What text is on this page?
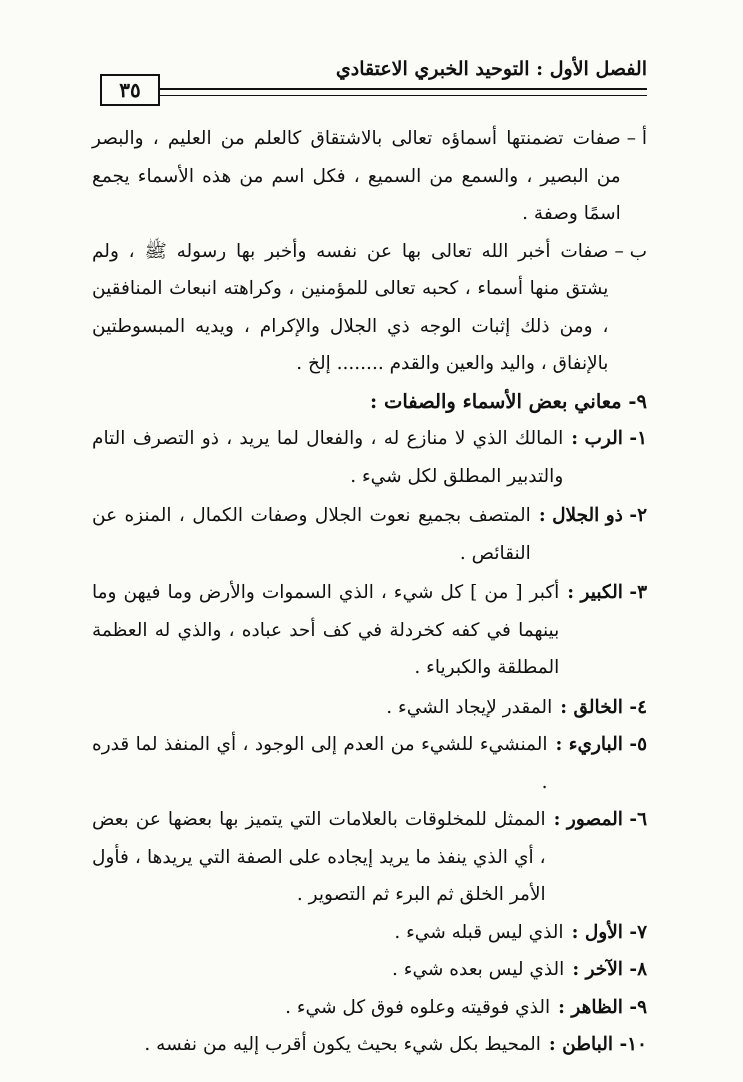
الفصل الأول : التوحيد الخبري الاعتقادي
٣٥
أ –
صفات تضمنتها أسماؤه تعالى بالاشتقاق كالعلم من العليم ، والبصر من البصير ، والسمع من السميع ، فكل اسم من هذه الأسماء يجمع اسمًا وصفة .
ب –
صفات أخبر الله تعالى بها عن نفسه وأخبر بها رسوله ﷺ ، ولم يشتق منها أسماء ، كحبه تعالى للمؤمنين ، وكراهته انبعاث المنافقين ، ومن ذلك إثبات الوجه ذي الجلال والإكرام ، ويديه المبسوطتين بالإنفاق ، واليد والعين والقدم ........ إلخ .
٩- معاني بعض الأسماء والصفات :
١- الرب :
المالك الذي لا منازع له ، والفعال لما يريد ، ذو التصرف التام والتدبير المطلق لكل شيء .
٢- ذو الجلال :
المتصف بجميع نعوت الجلال وصفات الكمال ، المنزه عن النقائص .
٣- الكبير :
أكبر [ من ] كل شيء ، الذي السموات والأرض وما فيهن وما بينهما في كفه كخردلة في كف أحد عباده ، والذي له العظمة المطلقة والكبرياء .
٤- الخالق :
المقدر لإيجاد الشيء .
٥- الباريء :
المنشيء للشيء من العدم إلى الوجود ، أي المنفذ لما قدره .
٦- المصور :
الممثل للمخلوقات بالعلامات التي يتميز بها بعضها عن بعض ، أي الذي ينفذ ما يريد إيجاده على الصفة التي يريدها ، فأول الأمر الخلق ثم البرء ثم التصوير .
٧- الأول :
الذي ليس قبله شيء .
٨- الآخر :
الذي ليس بعده شيء .
٩- الظاهر :
الذي فوقيته وعلوه فوق كل شيء .
١٠- الباطن :
المحيط بكل شيء بحيث يكون أقرب إليه من نفسه .
